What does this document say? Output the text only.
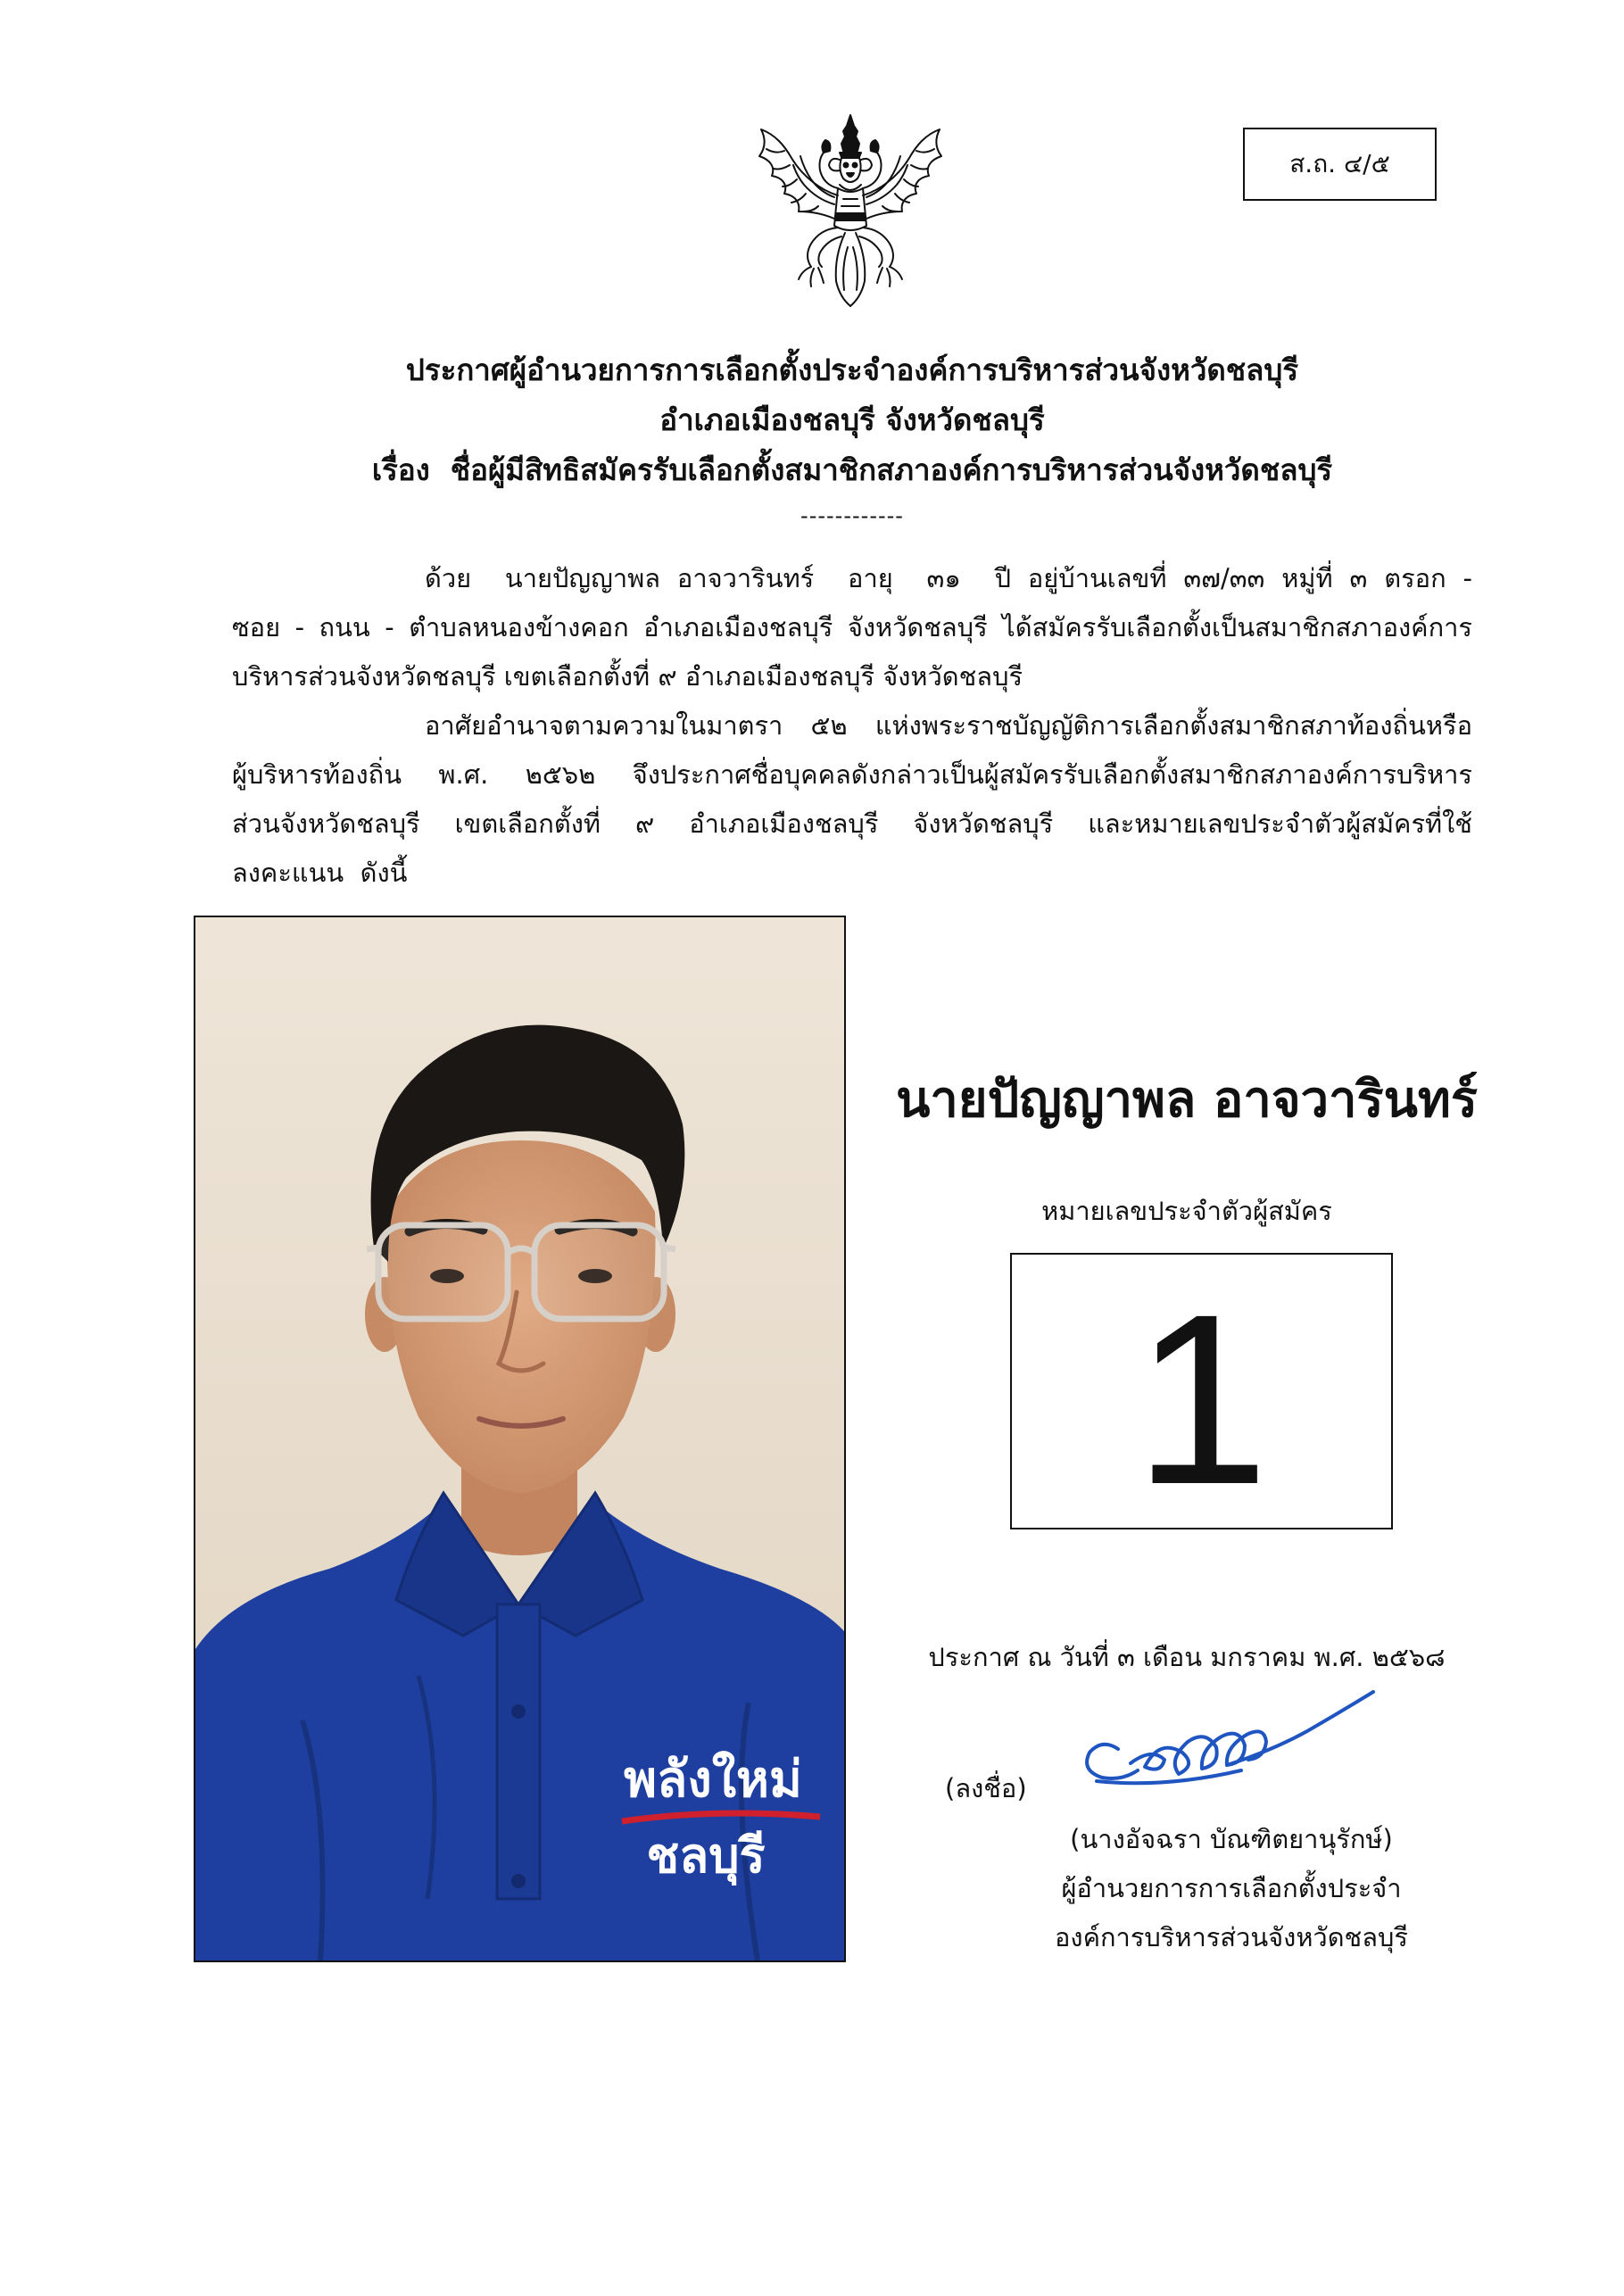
ส.ถ. ๔/๕
ประกาศผู้อำนวยการการเลือกตั้งประจำองค์การบริหารส่วนจังหวัดชลบุรี
อำเภอเมืองชลบุรี จังหวัดชลบุรี
เรื่อง  ชื่อผู้มีสิทธิสมัครรับเลือกตั้งสมาชิกสภาองค์การบริหารส่วนจังหวัดชลบุรี
------------
ด้วย  นายปัญญาพล อาจวารินทร์  อายุ  ๓๑  ปี อยู่บ้านเลขที่ ๓๗/๓๓ หมู่ที่ ๓ ตรอก -
ซอย - ถนน - ตำบลหนองข้างคอก อำเภอเมืองชลบุรี จังหวัดชลบุรี ได้สมัครรับเลือกตั้งเป็นสมาชิกสภาองค์การ
บริหารส่วนจังหวัดชลบุรี เขตเลือกตั้งที่ ๙ อำเภอเมืองชลบุรี จังหวัดชลบุรี
อาศัยอำนาจตามความในมาตรา ๕๒ แห่งพระราชบัญญัติการเลือกตั้งสมาชิกสภาท้องถิ่นหรือ
ผู้บริหารท้องถิ่น พ.ศ. ๒๕๖๒ จึงประกาศชื่อบุคคลดังกล่าวเป็นผู้สมัครรับเลือกตั้งสมาชิกสภาองค์การบริหาร
ส่วนจังหวัดชลบุรี เขตเลือกตั้งที่ ๙ อำเภอเมืองชลบุรี จังหวัดชลบุรี และหมายเลขประจำตัวผู้สมัครที่ใช้
ลงคะแนน  ดังนี้
พลังใหม่
ชลบุรี
นายปัญญาพล อาจวารินทร์
หมายเลขประจำตัวผู้สมัคร
1
ประกาศ ณ วันที่ ๓ เดือน มกราคม พ.ศ. ๒๕๖๘
(ลงชื่อ)
(นางอัจฉรา บัณฑิตยานุรักษ์)
ผู้อำนวยการการเลือกตั้งประจำ
องค์การบริหารส่วนจังหวัดชลบุรี
